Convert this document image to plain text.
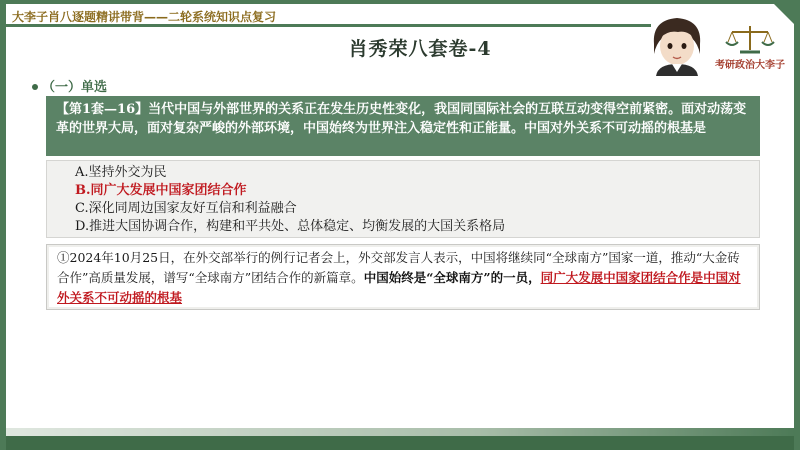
大李子肖八逐题精讲带背——二轮系统知识点复习
肖秀荣八套卷-4
考研政治大李子
（一）单选
【第1套—16】当代中国与外部世界的关系正在发生历史性变化，我国同国际社会的互联互动变得空前紧密。面对动荡变革的世界大局，面对复杂严峻的外部环境，中国始终为世界注入稳定性和正能量。中国对外关系不可动摇的根基是
A.坚持外交为民
B.同广大发展中国家团结合作
C.深化同周边国家友好互信和利益融合
D.推进大国协调合作，构建和平共处、总体稳定、均衡发展的大国关系格局
①2024年10月25日，在外交部举行的例行记者会上，外交部发言人表示，中国将继续同“全球南方”国家一道，推动“大金砖合作”高质量发展，谱写“全球南方”团结合作的新篇章。中国始终是“全球南方”的一员，同广大发展中国家团结合作是中国对外关系不可动摇的根基
